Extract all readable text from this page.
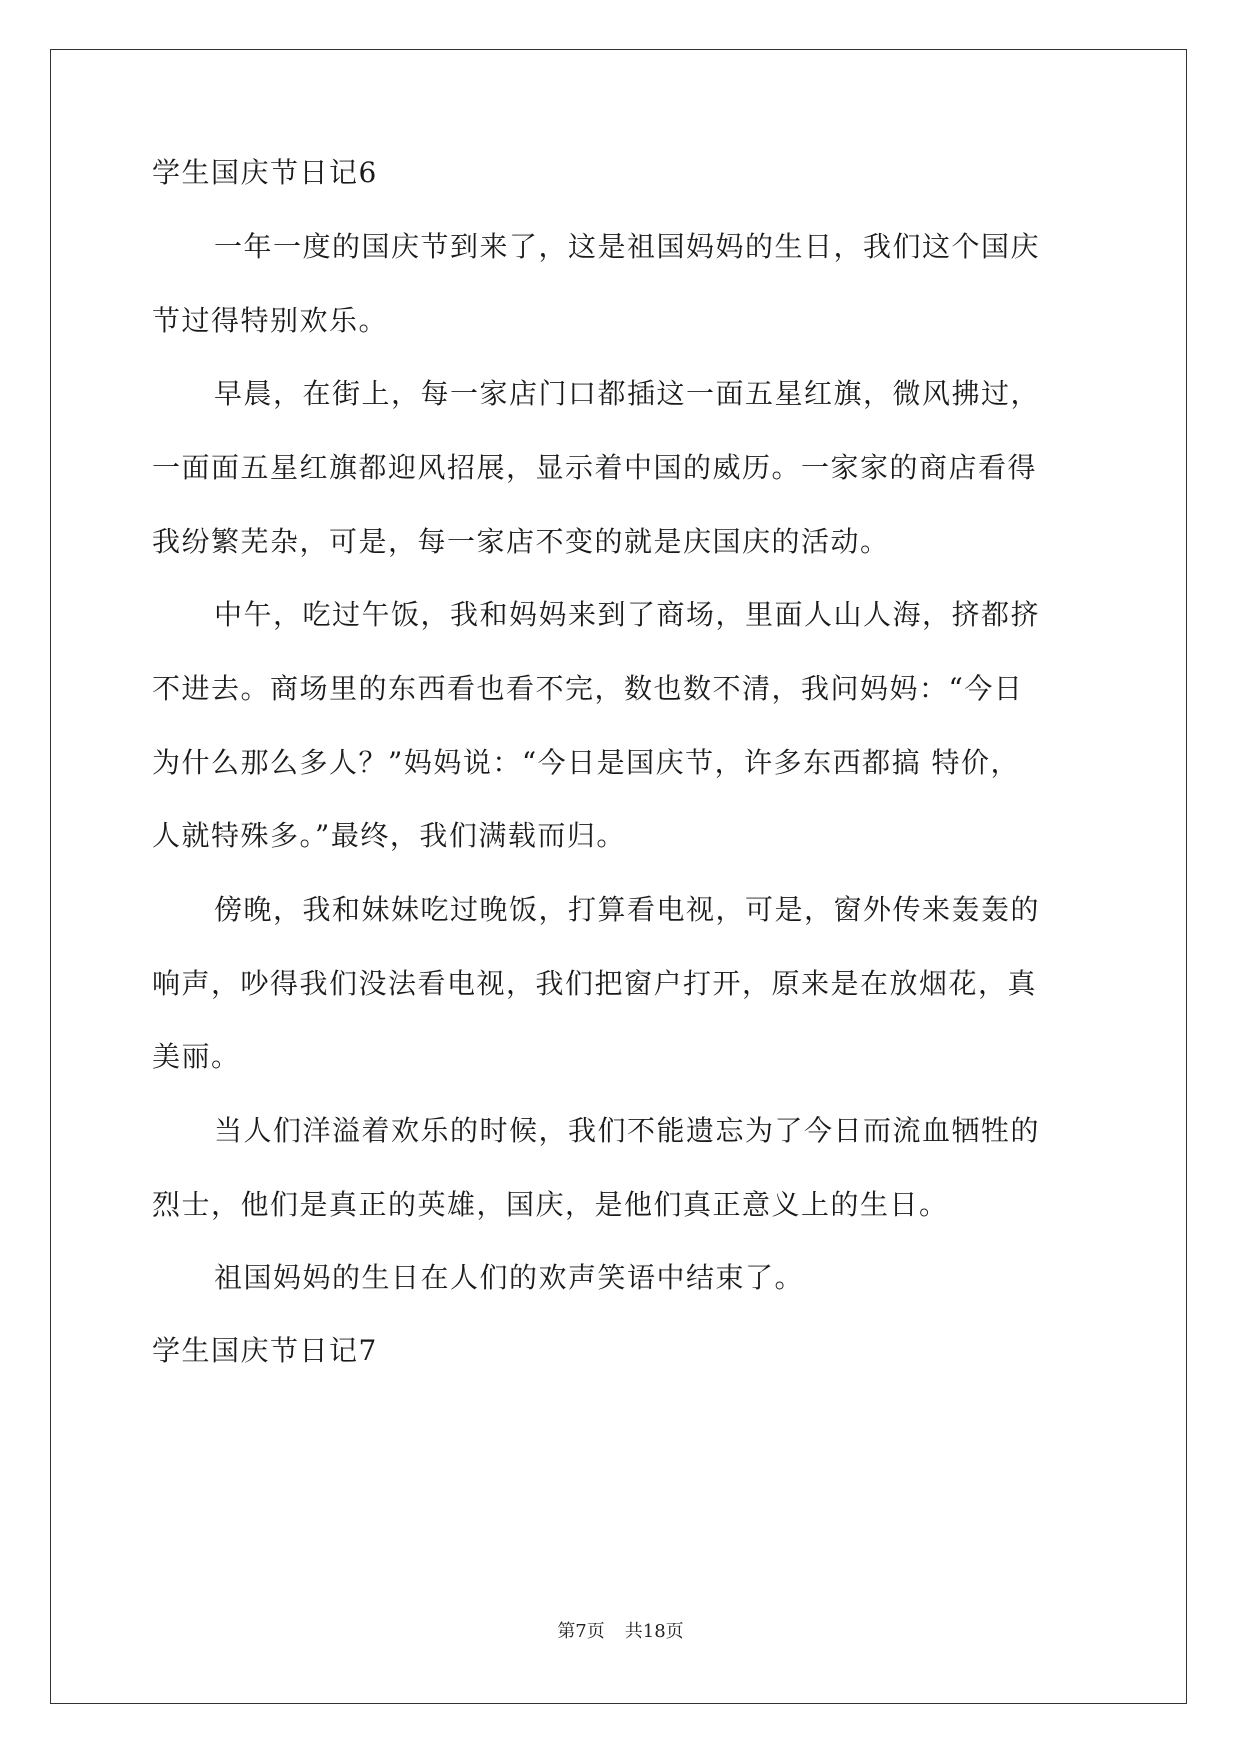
学生国庆节日记6

一年一度的国庆节到来了，这是祖国妈妈的生日，我们这个国庆

节过得特别欢乐。

早晨，在街上，每一家店门口都插这一面五星红旗，微风拂过，

一面面五星红旗都迎风招展，显示着中国的威历。一家家的商店看得

我纷繁芜杂，可是，每一家店不变的就是庆国庆的活动。

中午，吃过午饭，我和妈妈来到了商场，里面人山人海，挤都挤

不进去。商场里的东西看也看不完，数也数不清，我问妈妈：“今日

为什么那么多人？”妈妈说：“今日是国庆节，许多东西都搞 特价，

人就特殊多。”最终，我们满载而归。

傍晚，我和妹妹吃过晚饭，打算看电视，可是，窗外传来轰轰的

响声，吵得我们没法看电视，我们把窗户打开，原来是在放烟花，真

美丽。

当人们洋溢着欢乐的时候，我们不能遗忘为了今日而流血牺牲的

烈士，他们是真正的英雄，国庆，是他们真正意义上的生日。

祖国妈妈的生日在人们的欢声笑语中结束了。

学生国庆节日记7

第7页 共18页
